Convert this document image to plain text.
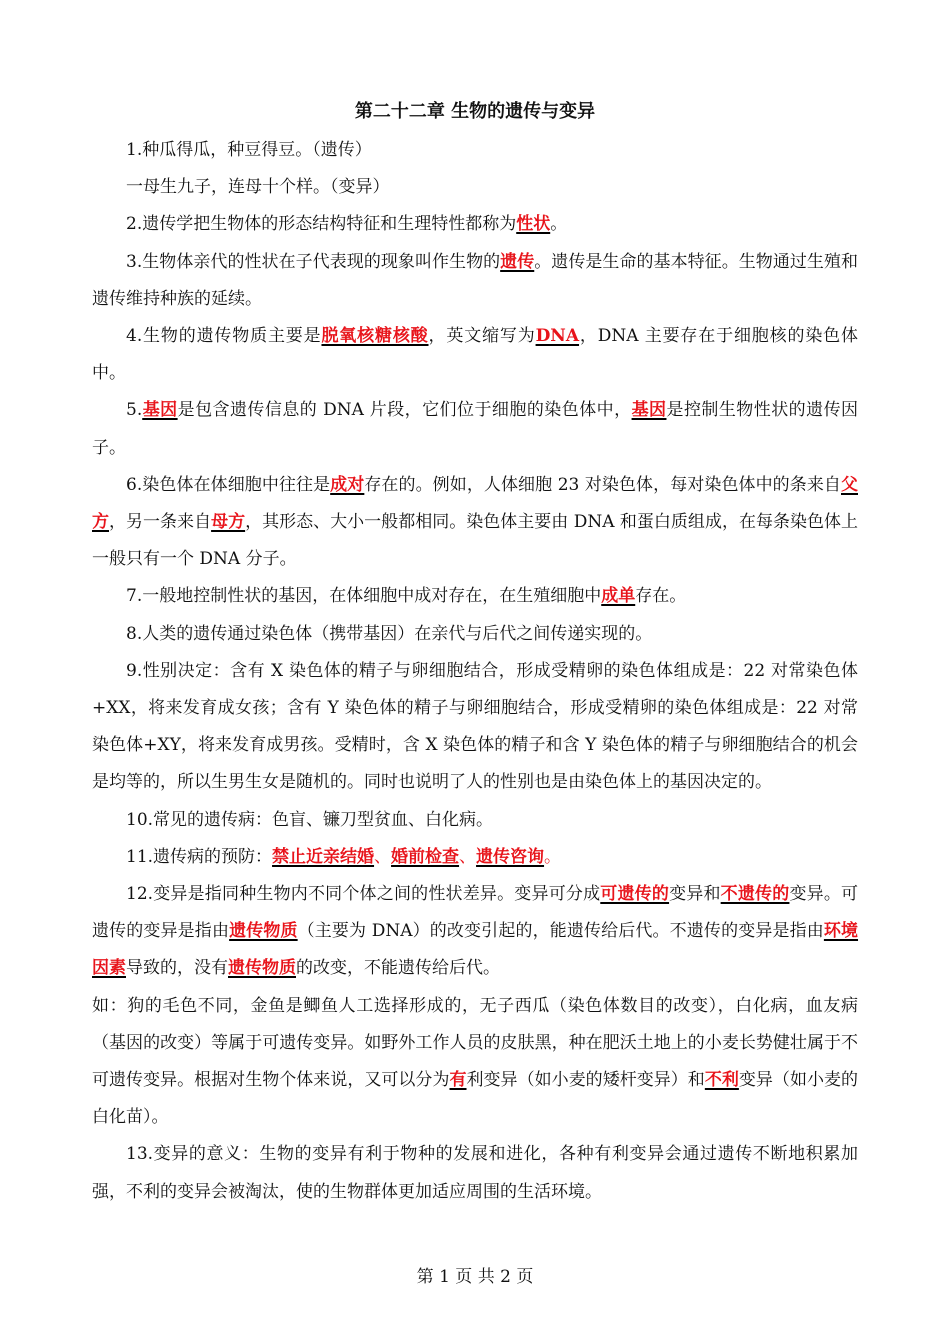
第二十二章 生物的遗传与变异

1.种瓜得瓜，种豆得豆。（遗传）

一母生九子，连母十个样。（变异）

2.遗传学把生物体的形态结构特征和生理特性都称为性状。

3.生物体亲代的性状在子代表现的现象叫作生物的遗传。遗传是生命的基本特征。生物通过生殖和遗传维持种族的延续。

4.生物的遗传物质主要是脱氧核糖核酸，英文缩写为DNA，DNA 主要存在于细胞核的染色体中。

5.基因是包含遗传信息的 DNA 片段，它们位于细胞的染色体中，基因是控制生物性状的遗传因子。

6.染色体在体细胞中往往是成对存在的。例如，人体细胞 23 对染色体，每对染色体中的条来自父方，另一条来自母方，其形态、大小一般都相同。染色体主要由 DNA 和蛋白质组成，在每条染色体上一般只有一个 DNA 分子。

7.一般地控制性状的基因，在体细胞中成对存在，在生殖细胞中成单存在。

8.人类的遗传通过染色体（携带基因）在亲代与后代之间传递实现的。

9.性别决定：含有 X 染色体的精子与卵细胞结合，形成受精卵的染色体组成是：22 对常染色体+XX，将来发育成女孩；含有 Y 染色体的精子与卵细胞结合，形成受精卵的染色体组成是：22 对常染色体+XY，将来发育成男孩。受精时，含 X 染色体的精子和含 Y 染色体的精子与卵细胞结合的机会是均等的，所以生男生女是随机的。同时也说明了人的性别也是由染色体上的基因决定的。

10.常见的遗传病：色盲、镰刀型贫血、白化病。

11.遗传病的预防：禁止近亲结婚、婚前检查、遗传咨询。

12.变异是指同种生物内不同个体之间的性状差异。变异可分成可遗传的变异和不遗传的变异。可遗传的变异是指由遗传物质（主要为 DNA）的改变引起的，能遗传给后代。不遗传的变异是指由环境因素导致的，没有遗传物质的改变，不能遗传给后代。

如：狗的毛色不同，金鱼是鲫鱼人工选择形成的，无子西瓜（染色体数目的改变），白化病，血友病（基因的改变）等属于可遗传变异。如野外工作人员的皮肤黑，种在肥沃土地上的小麦长势健壮属于不可遗传变异。根据对生物个体来说，又可以分为有利变异（如小麦的矮杆变异）和不利变异（如小麦的白化苗）。

13.变异的意义：生物的变异有利于物种的发展和进化，各种有利变异会通过遗传不断地积累加强，不利的变异会被淘汰，使的生物群体更加适应周围的生活环境。

第 1 页 共 2 页
